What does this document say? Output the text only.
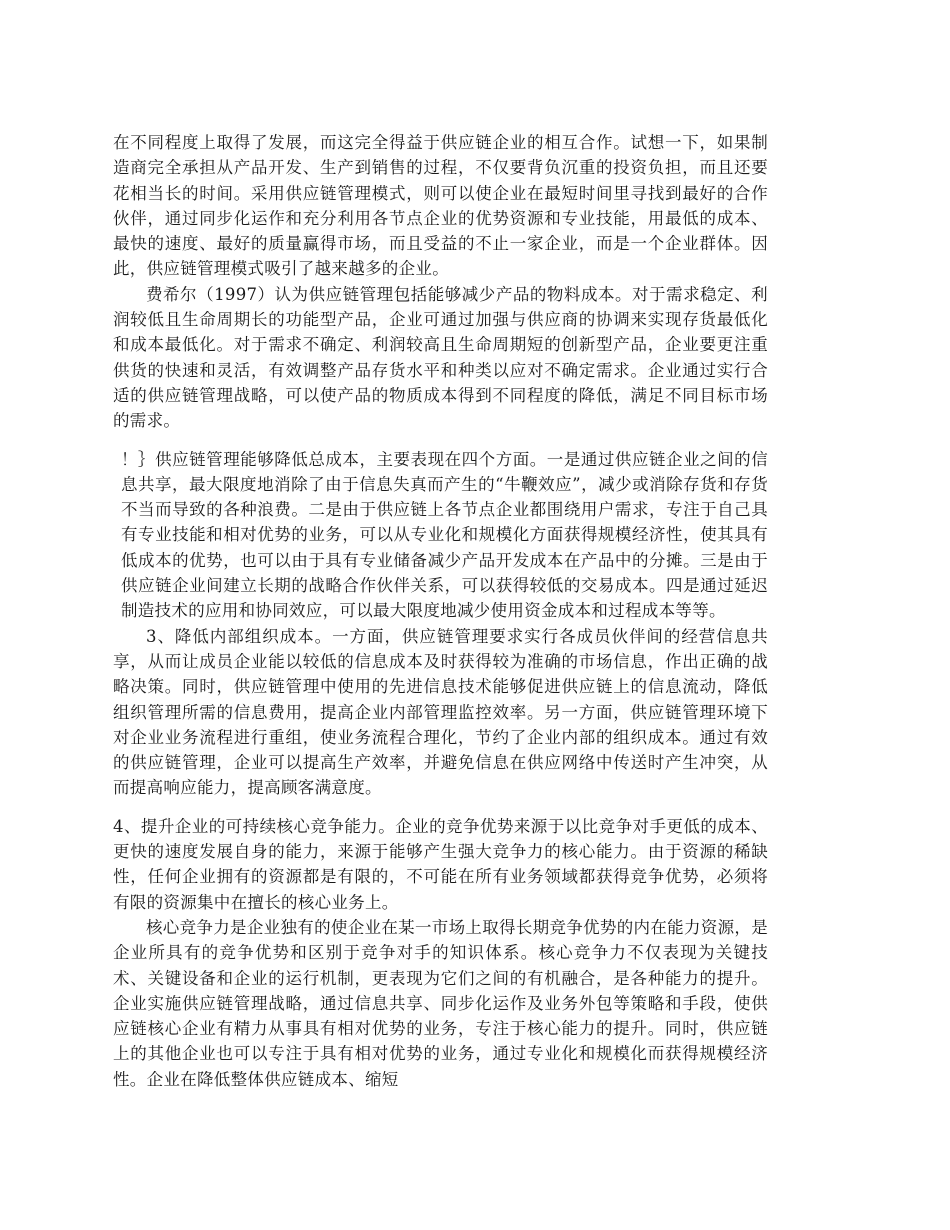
在不同程度上取得了发展，而这完全得益于供应链企业的相互合作。试想一下，如果制造商完全承担从产品开发、生产到销售的过程，不仅要背负沉重的投资负担，而且还要花相当长的时间。采用供应链管理模式，则可以使企业在最短时间里寻找到最好的合作伙伴，通过同步化运作和充分利用各节点企业的优势资源和专业技能，用最低的成本、最快的速度、最好的质量赢得市场，而且受益的不止一家企业，而是一个企业群体。因此，供应链管理模式吸引了越来越多的企业。

费希尔（1997）认为供应链管理包括能够减少产品的物料成本。对于需求稳定、利润较低且生命周期长的功能型产品，企业可通过加强与供应商的协调来实现存货最低化和成本最低化。对于需求不确定、利润较高且生命周期短的创新型产品，企业要更注重供货的快速和灵活，有效调整产品存货水平和种类以应对不确定需求。企业通过实行合适的供应链管理战略，可以使产品的物质成本得到不同程度的降低，满足不同目标市场的需求。

！｝供应链管理能够降低总成本，主要表现在四个方面。一是通过供应链企业之间的信息共享，最大限度地消除了由于信息失真而产生的“牛鞭效应”，减少或消除存货和存货不当而导致的各种浪费。二是由于供应链上各节点企业都围绕用户需求，专注于自己具有专业技能和相对优势的业务，可以从专业化和规模化方面获得规模经济性，使其具有低成本的优势，也可以由于具有专业储备减少产品开发成本在产品中的分摊。三是由于供应链企业间建立长期的战略合作伙伴关系，可以获得较低的交易成本。四是通过延迟制造技术的应用和协同效应，可以最大限度地减少使用资金成本和过程成本等等。

3、降低内部组织成本。一方面，供应链管理要求实行各成员伙伴间的经营信息共享，从而让成员企业能以较低的信息成本及时获得较为准确的市场信息，作出正确的战略决策。同时，供应链管理中使用的先进信息技术能够促进供应链上的信息流动，降低组织管理所需的信息费用，提高企业内部管理监控效率。另一方面，供应链管理环境下对企业业务流程进行重组，使业务流程合理化，节约了企业内部的组织成本。通过有效的供应链管理，企业可以提高生产效率，并避免信息在供应网络中传送时产生冲突，从而提高响应能力，提高顾客满意度。

4、提升企业的可持续核心竞争能力。企业的竞争优势来源于以比竞争对手更低的成本、更快的速度发展自身的能力，来源于能够产生强大竞争力的核心能力。由于资源的稀缺性，任何企业拥有的资源都是有限的，不可能在所有业务领域都获得竞争优势，必须将有限的资源集中在擅长的核心业务上。

核心竞争力是企业独有的使企业在某一市场上取得长期竞争优势的内在能力资源，是企业所具有的竞争优势和区别于竞争对手的知识体系。核心竞争力不仅表现为关键技术、关键设备和企业的运行机制，更表现为它们之间的有机融合，是各种能力的提升。企业实施供应链管理战略，通过信息共享、同步化运作及业务外包等策略和手段，使供应链核心企业有精力从事具有相对优势的业务，专注于核心能力的提升。同时，供应链上的其他企业也可以专注于具有相对优势的业务，通过专业化和规模化而获得规模经济性。企业在降低整体供应链成本、缩短
